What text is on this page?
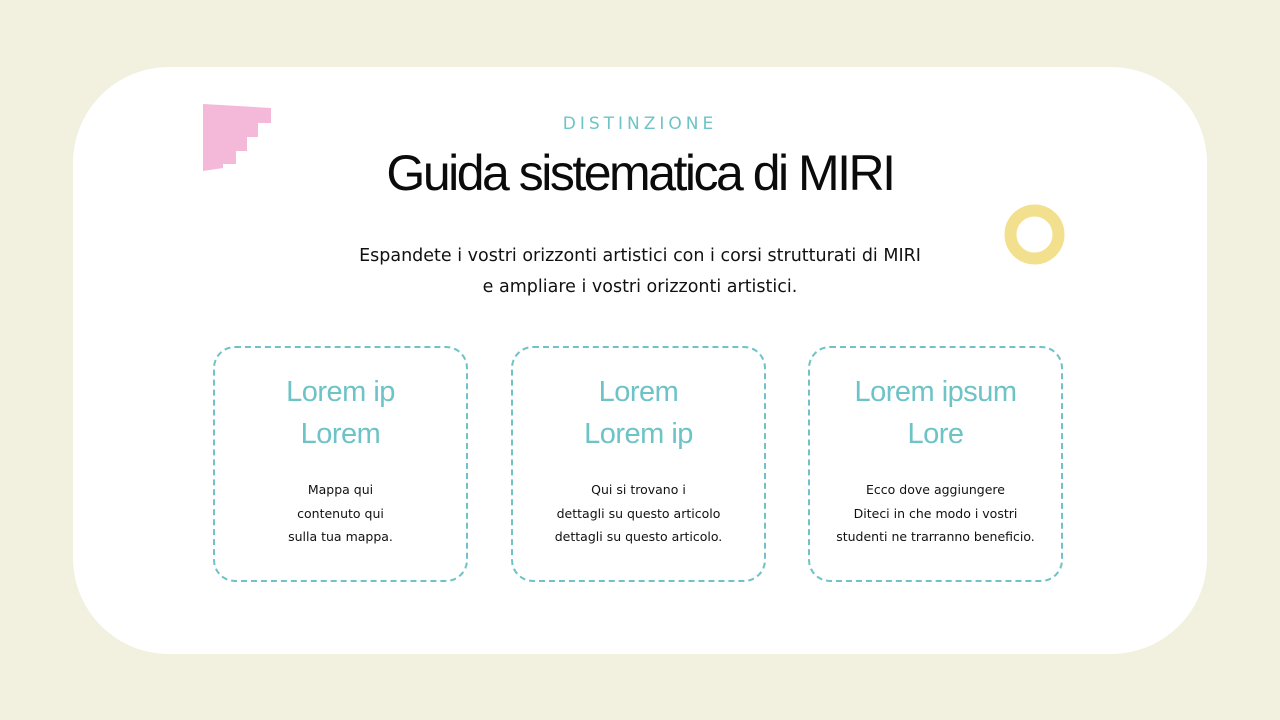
DISTINZIONE
Guida sistematica di MIRI
Espandete i vostri orizzonti artistici con i corsi strutturati di MIRI
e ampliare i vostri orizzonti artistici.
Lorem ip
Lorem
Mappa qui
contenuto qui
sulla tua mappa.
Lorem
Lorem ip
Qui si trovano i
dettagli su questo articolo
dettagli su questo articolo.
Lorem ipsum
Lore
Ecco dove aggiungere
Diteci in che modo i vostri
studenti ne trarranno beneficio.
